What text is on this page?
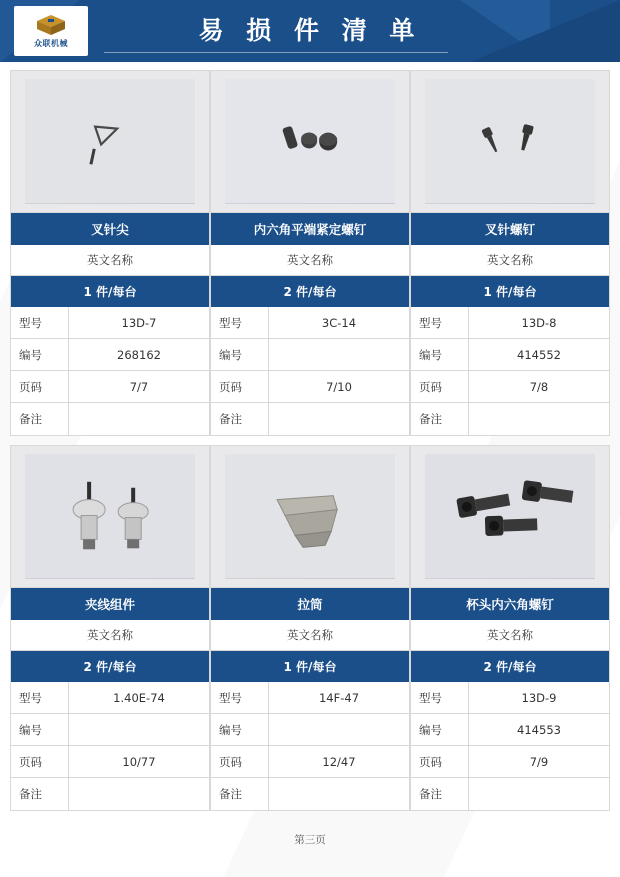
众联机械	易 损 件 清 单
叉针尖
英文名称
1 件/每台
型号	13D-7
编号	268162
页码	7/7
备注
内六角平端紧定螺钉
英文名称
2 件/每台
型号	3C-14
编号
页码	7/10
备注
叉针螺钉
英文名称
1 件/每台
型号	13D-8
编号	414552
页码	7/8
备注
夹线组件
英文名称
2 件/每台
型号	1.40E-74
编号
页码	10/77
备注
拉筒
英文名称
1 件/每台
型号	14F-47
编号
页码	12/47
备注
杯头内六角螺钉
英文名称
2 件/每台
型号	13D-9
编号	414553
页码	7/9
备注
第三页
